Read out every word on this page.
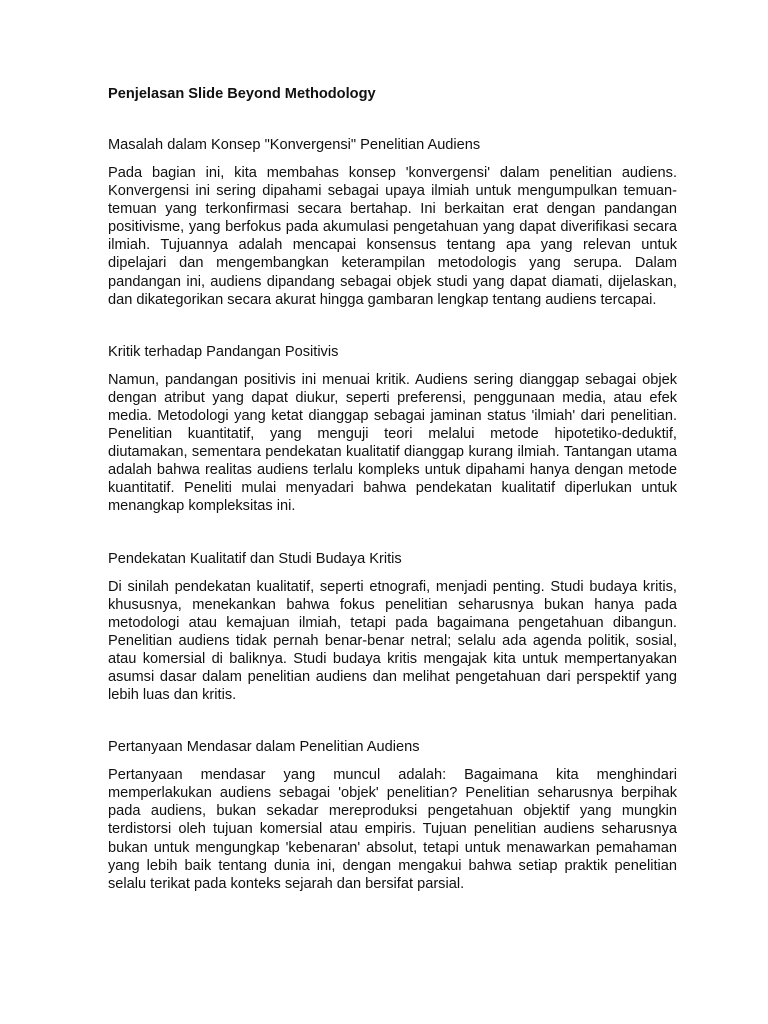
Penjelasan Slide Beyond Methodology
Masalah dalam Konsep "Konvergensi" Penelitian Audiens

Pada bagian ini, kita membahas konsep 'konvergensi' dalam penelitian audiens. Konvergensi ini sering dipahami sebagai upaya ilmiah untuk mengumpulkan temuan-temuan yang terkonfirmasi secara bertahap. Ini berkaitan erat dengan pandangan positivisme, yang berfokus pada akumulasi pengetahuan yang dapat diverifikasi secara ilmiah. Tujuannya adalah mencapai konsensus tentang apa yang relevan untuk dipelajari dan mengembangkan keterampilan metodologis yang serupa. Dalam pandangan ini, audiens dipandang sebagai objek studi yang dapat diamati, dijelaskan, dan dikategorikan secara akurat hingga gambaran lengkap tentang audiens tercapai.

Kritik terhadap Pandangan Positivis

Namun, pandangan positivis ini menuai kritik. Audiens sering dianggap sebagai objek dengan atribut yang dapat diukur, seperti preferensi, penggunaan media, atau efek media. Metodologi yang ketat dianggap sebagai jaminan status 'ilmiah' dari penelitian. Penelitian kuantitatif, yang menguji teori melalui metode hipotetiko-deduktif, diutamakan, sementara pendekatan kualitatif dianggap kurang ilmiah. Tantangan utama adalah bahwa realitas audiens terlalu kompleks untuk dipahami hanya dengan metode kuantitatif. Peneliti mulai menyadari bahwa pendekatan kualitatif diperlukan untuk menangkap kompleksitas ini.

Pendekatan Kualitatif dan Studi Budaya Kritis

Di sinilah pendekatan kualitatif, seperti etnografi, menjadi penting. Studi budaya kritis, khususnya, menekankan bahwa fokus penelitian seharusnya bukan hanya pada metodologi atau kemajuan ilmiah, tetapi pada bagaimana pengetahuan dibangun. Penelitian audiens tidak pernah benar-benar netral; selalu ada agenda politik, sosial, atau komersial di baliknya. Studi budaya kritis mengajak kita untuk mempertanyakan asumsi dasar dalam penelitian audiens dan melihat pengetahuan dari perspektif yang lebih luas dan kritis.

Pertanyaan Mendasar dalam Penelitian Audiens

Pertanyaan mendasar yang muncul adalah: Bagaimana kita menghindari memperlakukan audiens sebagai 'objek' penelitian? Penelitian seharusnya berpihak pada audiens, bukan sekadar mereproduksi pengetahuan objektif yang mungkin terdistorsi oleh tujuan komersial atau empiris. Tujuan penelitian audiens seharusnya bukan untuk mengungkap 'kebenaran' absolut, tetapi untuk menawarkan pemahaman yang lebih baik tentang dunia ini, dengan mengakui bahwa setiap praktik penelitian selalu terikat pada konteks sejarah dan bersifat parsial.
